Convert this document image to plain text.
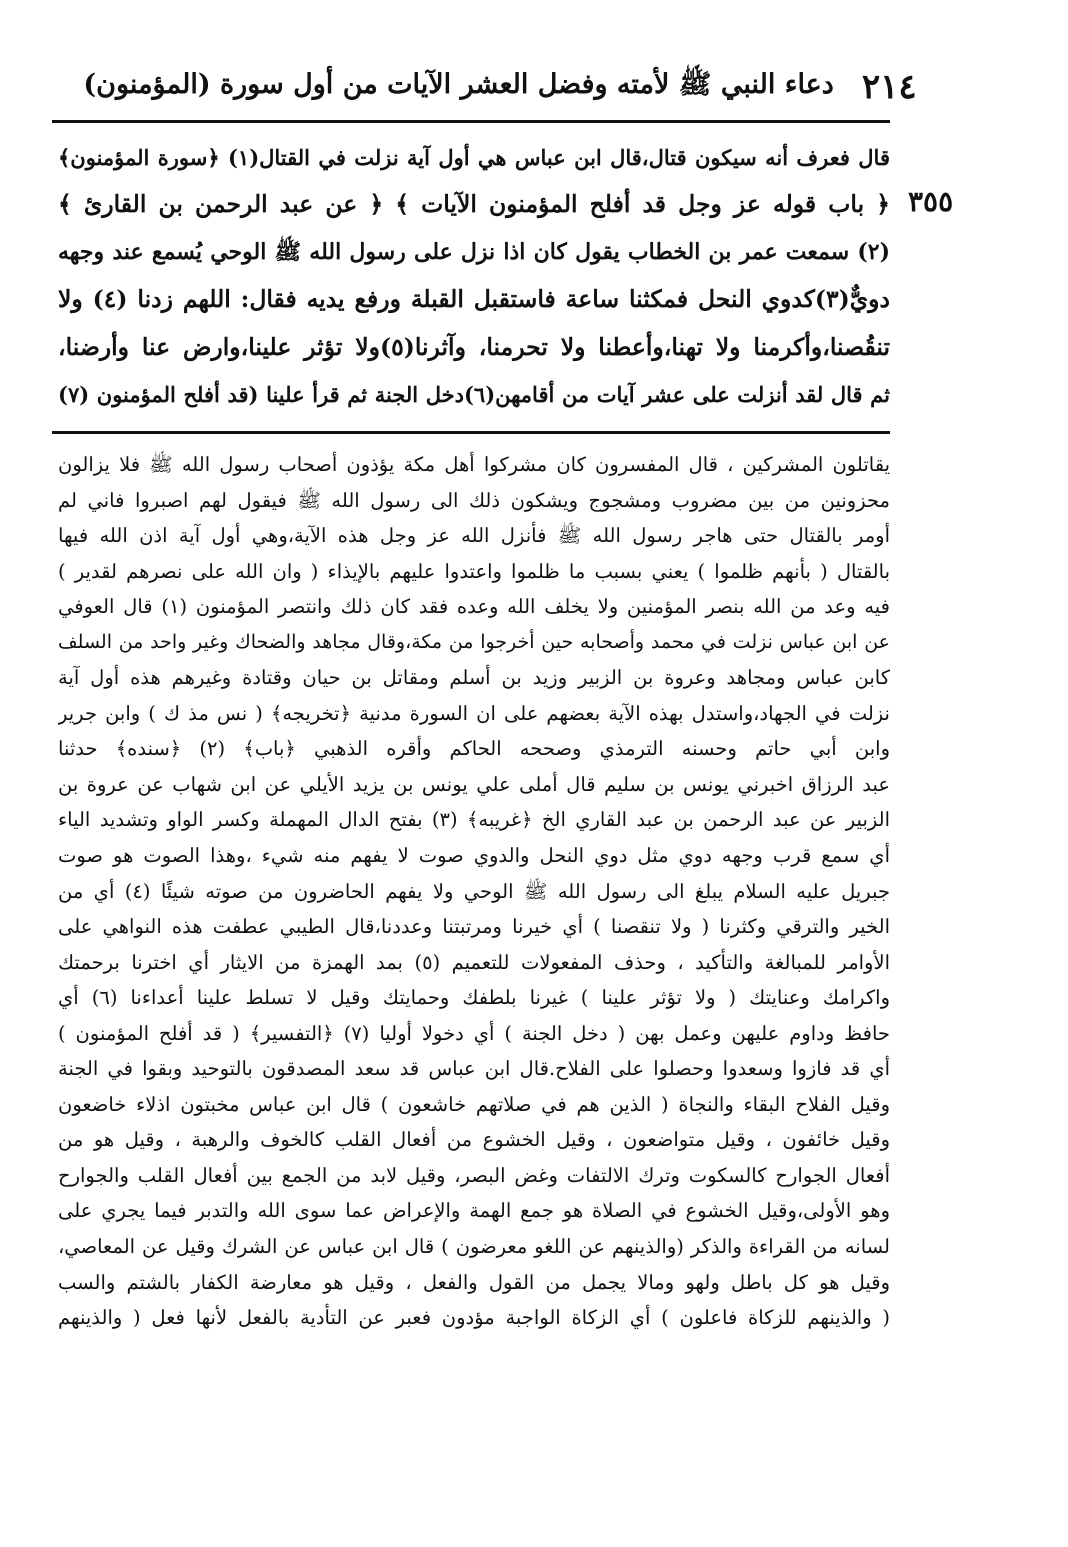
٢١٤
دعاء النبي ﷺ لأمته وفضل العشر الآيات من أول سورة (المؤمنون)
٣٥٥
قال فعرف أنه سيكون قتال،قال ابن عباس هي أول آية نزلت في القتال(١) ﴿سورة المؤمنون﴾
﴿ باب قوله عز وجل قد أفلح المؤمنون الآيات ﴾ ﴿ عن عبد الرحمن بن القارئ ﴾
(٢) سمعت عمر بن الخطاب يقول كان اذا نزل على رسول الله ﷺ الوحي يُسمع عند وجهه
دويٌّ(٣)كدوي النحل فمكثنا ساعة فاستقبل القبلة ورفع يديه فقال: اللهم زدنا (٤) ولا
تنقُصنا،وأكرمنا ولا تهنا،وأعطنا ولا تحرمنا، وآثرنا(٥)ولا تؤثر علينا،وارض عنا وأرضنا،
ثم قال لقد أنزلت على عشر آيات من أقامهن(٦)دخل الجنة ثم قرأ علينا (قد أفلح المؤمنون (٧)
يقاتلون المشركين ، قال المفسرون كان مشركوا أهل مكة يؤذون أصحاب رسول الله ﷺ فلا يزالون
محزونين من بين مضروب ومشجوج ويشكون ذلك الى رسول الله ﷺ فيقول لهم اصبروا فاني لم
أومر بالقتال حتى هاجر رسول الله ﷺ فأنزل الله عز وجل هذه الآية،وهي أول آية اذن الله فيها
بالقتال ( بأنهم ظلموا ) يعني بسبب ما ظلموا واعتدوا عليهم بالإيذاء ( وان الله على نصرهم لقدير )
فيه وعد من الله بنصر المؤمنين ولا يخلف الله وعده فقد كان ذلك وانتصر المؤمنون (١) قال العوفي
عن ابن عباس نزلت في محمد وأصحابه حين أخرجوا من مكة،وقال مجاهد والضحاك وغير واحد من السلف
كابن عباس ومجاهد وعروة بن الزبير وزيد بن أسلم ومقاتل بن حيان وقتادة وغيرهم هذه أول آية
نزلت في الجهاد،واستدل بهذه الآية بعضهم على ان السورة مدنية ﴿تخريجه﴾ ( نس مذ ك ) وابن جرير
وابن أبي حاتم وحسنه الترمذي وصححه الحاكم وأقره الذهبي ﴿باب﴾ (٢) ﴿سنده﴾ حدثنا
عبد الرزاق اخبرني يونس بن سليم قال أملى علي يونس بن يزيد الأيلي عن ابن شهاب عن عروة بن
الزبير عن عبد الرحمن بن عبد القاري الخ ﴿غريبه﴾ (٣) بفتح الدال المهملة وكسر الواو وتشديد الياء
أي سمع قرب وجهه دوي مثل دوي النحل والدوي صوت لا يفهم منه شيء ،وهذا الصوت هو صوت
جبريل عليه السلام يبلغ الى رسول الله ﷺ الوحي ولا يفهم الحاضرون من صوته شيئًا (٤) أي من
الخير والترقي وكثرنا ( ولا تنقصنا ) أي خيرنا ومرتبتنا وعددنا،قال الطيبي عطفت هذه النواهي على
الأوامر للمبالغة والتأكيد ، وحذف المفعولات للتعميم (٥) بمد الهمزة من الايثار أي اخترنا برحمتك
واكرامك وعنايتك ( ولا تؤثر علينا ) غيرنا بلطفك وحمايتك وقيل لا تسلط علينا أعداءنا (٦) أي
حافظ وداوم عليهن وعمل بهن ( دخل الجنة ) أي دخولا أوليا (٧) ﴿التفسير﴾ ( قد أفلح المؤمنون )
أي قد فازوا وسعدوا وحصلوا على الفلاح.قال ابن عباس قد سعد المصدقون بالتوحيد وبقوا في الجنة
وقيل الفلاح البقاء والنجاة ( الذين هم في صلاتهم خاشعون ) قال ابن عباس مخبتون اذلاء خاضعون
وقيل خائفون ، وقيل متواضعون ، وقيل الخشوع من أفعال القلب كالخوف والرهبة ، وقيل هو من
أفعال الجوارح كالسكوت وترك الالتفات وغض البصر، وقيل لابد من الجمع بين أفعال القلب والجوارح
وهو الأولى،وقيل الخشوع في الصلاة هو جمع الهمة والإعراض عما سوى الله والتدبر فيما يجري على
لسانه من القراءة والذكر (والذينهم عن اللغو معرضون ) قال ابن عباس عن الشرك وقيل عن المعاصي،
وقيل هو كل باطل ولهو ومالا يجمل من القول والفعل ، وقيل هو معارضة الكفار بالشتم والسب
( والذينهم للزكاة فاعلون ) أي الزكاة الواجبة مؤدون فعبر عن التأدية بالفعل لأنها فعل ( والذينهم
